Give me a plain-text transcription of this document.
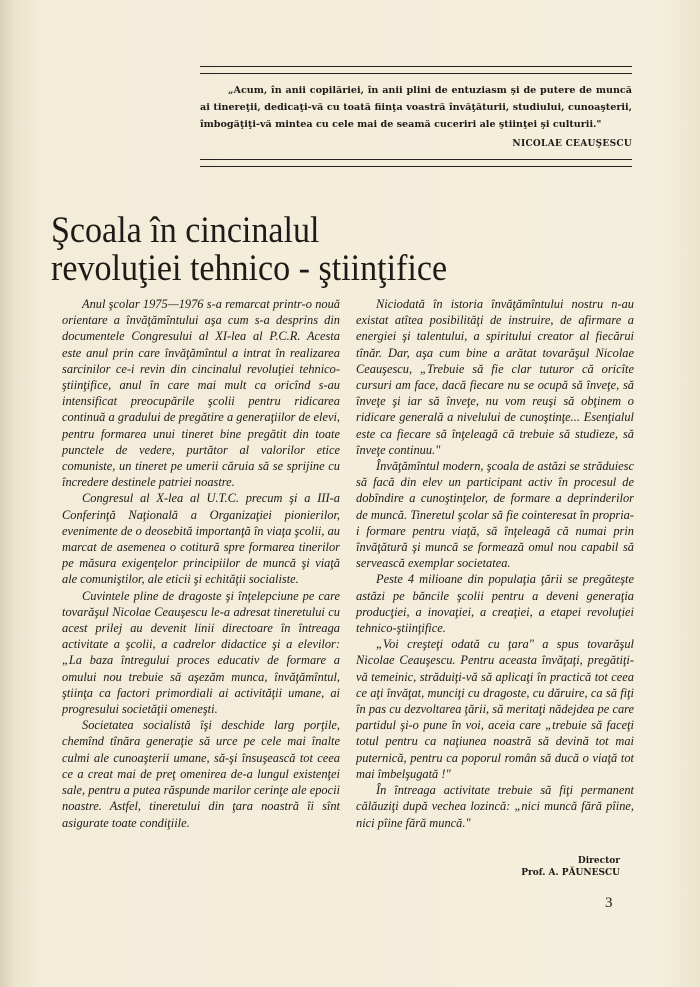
„Acum, în anii copilăriei, în anii plini de entuziasm şi de putere de muncă ai tinereţii, dedicaţi-vă cu toată fiinţa voastră învăţăturii, studiului, cunoaşterii, îmbogăţiţi-vă mintea cu cele mai de seamă cuceriri ale ştiinţei şi culturii."

NICOLAE CEAUŞESCU
Şcoala în cincinalul
revoluţiei tehnico - ştiinţifice

Anul şcolar 1975—1976 s-a remarcat printr-o nouă orientare a învăţămîntului aşa cum s-a desprins din documentele Congresului al XI-lea al P.C.R. Acesta este anul prin care învăţămîntul a intrat în realizarea sarcinilor ce-i revin din cincinalul revoluţiei tehnico-ştiinţifice, anul în care mai mult ca oricînd s-au intensificat preocupările şcolii pentru ridicarea continuă a gradului de pregătire a generaţiilor de elevi, pentru formarea unui tineret bine pregătit din toate punctele de vedere, purtător al valorilor etice comuniste, un tineret pe umerii căruia să se sprijine cu încredere destinele patriei noastre.

Congresul al X-lea al U.T.C. precum şi a III-a Conferinţă Naţională a Organizaţiei pionierilor, evenimente de o deosebită importanţă în viaţa şcolii, au marcat de asemenea o cotitură spre formarea tinerilor pe măsura exigenţelor principiilor de muncă şi viaţă ale comuniştilor, ale eticii şi echităţii socialiste.

Cuvintele pline de dragoste şi înţelepciune pe care tovarăşul Nicolae Ceauşescu le-a adresat tineretului cu acest prilej au devenit linii directoare în întreaga activitate a şcolii, a cadrelor didactice şi a elevilor: „La baza întregului proces educativ de formare a omului nou trebuie să aşezăm munca, învăţămîntul, ştiinţa ca factori primordiali ai activităţii umane, ai progresului societăţii omeneşti.

Societatea socialistă îşi deschide larg porţile, chemînd tînăra generaţie să urce pe cele mai înalte culmi ale cunoaşterii umane, să-şi însuşească tot ceea ce a creat mai de preţ omenirea de-a lungul existenţei sale, pentru a putea răspunde marilor cerinţe ale epocii noastre. Astfel, tineretului din ţara noastră îi sînt asigurate toate condiţiile.

Niciodată în istoria învăţămîntului nostru n-au existat atîtea posibilităţi de instruire, de afirmare a energiei şi talentului, a spiritului creator al fiecărui tînăr. Dar, aşa cum bine a arătat tovarăşul Nicolae Ceauşescu, „Trebuie să fie clar tuturor că oricîte cursuri am face, dacă fiecare nu se ocupă să înveţe, să înveţe şi iar să înveţe, nu vom reuşi să obţinem o ridicare generală a nivelului de cunoştinţe... Esenţialul este ca fiecare să înţeleagă că trebuie să studieze, să înveţe continuu."

Învăţămîntul modern, şcoala de astăzi se străduiesc să facă din elev un participant activ în procesul de dobîndire a cunoştinţelor, de formare a deprinderilor de muncă. Tineretul şcolar să fie cointeresat în propria-i formare pentru viaţă, să înţeleagă că numai prin învăţătură şi muncă se formează omul nou capabil să servească exemplar societatea.

Peste 4 milioane din populaţia ţării se pregăteşte astăzi pe băncile şcolii pentru a deveni generaţia producţiei, a inovaţiei, a creaţiei, a etapei revoluţiei tehnico-ştiinţifice.

„Voi creşteţi odată cu ţara" a spus tovarăşul Nicolae Ceauşescu. Pentru aceasta învăţaţi, pregătiţi-vă temeinic, străduiţi-vă să aplicaţi în practică tot ceea ce aţi învăţat, munciţi cu dragoste, cu dăruire, ca să fiţi în pas cu dezvoltarea ţării, să meritaţi nădejdea pe care partidul şi-o pune în voi, aceia care „trebuie să faceţi totul pentru ca naţiunea noastră să devină tot mai puternică, pentru ca poporul român să ducă o viaţă tot mai îmbelşugată !"

În întreaga activitate trebuie să fiţi permanent călăuziţi după vechea lozincă: „nici muncă fără pîine, nici pîine fără muncă."

Director
Prof. A. PĂUNESCU
3
